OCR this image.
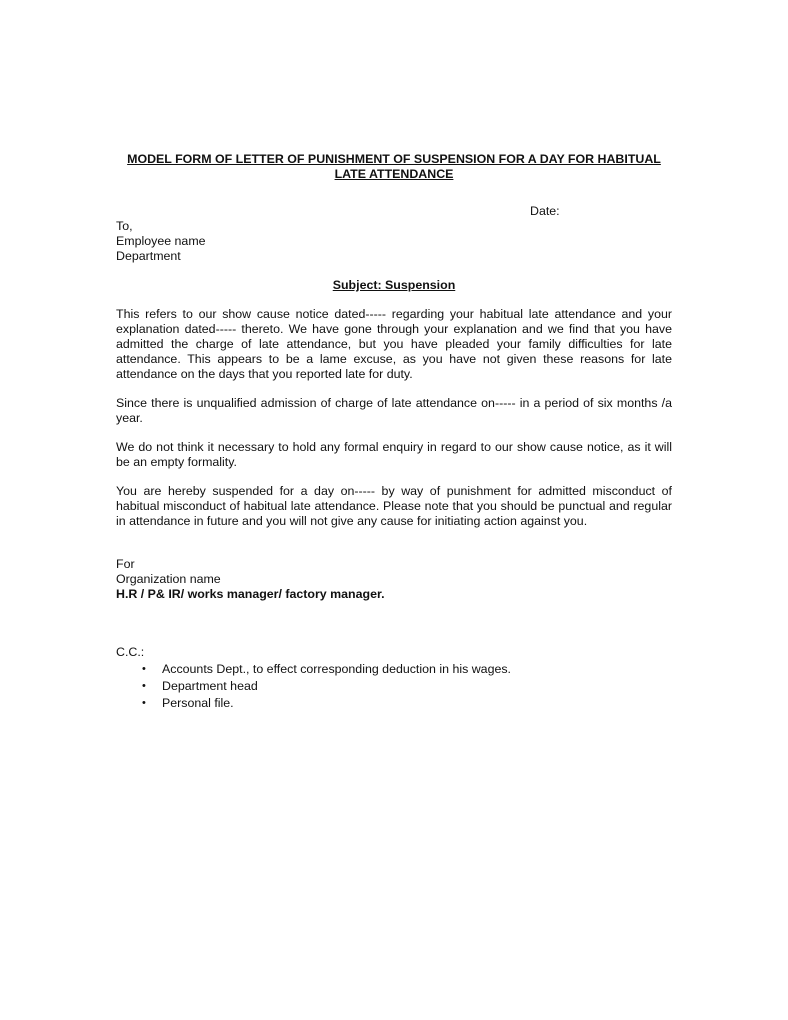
MODEL FORM OF LETTER OF PUNISHMENT OF SUSPENSION FOR A DAY FOR HABITUAL
LATE ATTENDANCE
Date:
To,
Employee name
Department
Subject: Suspension

This refers to our show cause notice dated----- regarding your habitual late attendance and your explanation dated----- thereto. We have gone through your explanation and we find that you have admitted the charge of late attendance, but you have pleaded your family difficulties for late attendance. This appears to be a lame excuse, as you have not given these reasons for late attendance on the days that you reported late for duty.

Since there is unqualified admission of charge of late attendance on----- in a period of six months /a year.

We do not think it necessary to hold any formal enquiry in regard to our show cause notice, as it will be an empty formality.

You are hereby suspended for a day on----- by way of punishment for admitted misconduct of habitual misconduct of habitual late attendance. Please note that you should be punctual and regular in attendance in future and you will not give any cause for initiating action against you.

For
Organization name
H.R / P& IR/ works manager/ factory manager.
C.C.:
• Accounts Dept., to effect corresponding deduction in his wages.
• Department head
• Personal file.
